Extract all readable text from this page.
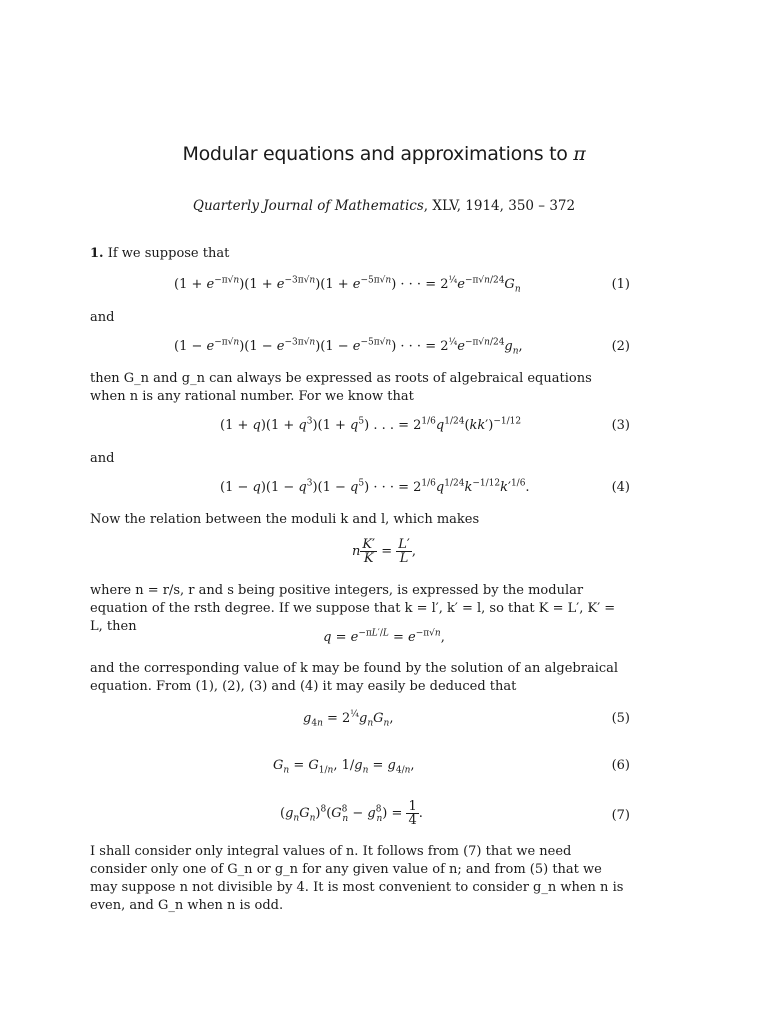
Modular equations and approximations to π
Quarterly Journal of Mathematics, XLV, 1914, 350 – 372
1. If we suppose that
$(1 + e^{-\pi√n})(1 + e^{-3\pi√n})(1 + e^{-5\pi√n})$ · · · = $2^{\frac{1}{4}}e^{-\pi√n/24}G_n$	(1)
and
$(1 - e^{-\pi√n})(1 - e^{-3\pi√n})(1 - e^{-5\pi√n})$ · · · = $2^{\frac{1}{4}}e^{-\pi√n/24}g_n$,	(2)
then G_n and g_n can always be expressed as roots of algebraical equations when n is any rational number. For we know that
$(1 + q)(1 + q^3)(1 + q^5)$ . . . = $2^{1/6}q^{1/24}(kk')^{-1/12}$	(3)
and
$(1 - q)(1 - q^3)(1 - q^5)$ · · · = $2^{1/6}q^{1/24}k^{-1/12}k'^{1/6}$.	(4)
Now the relation between the moduli k and l, which makes
n $\frac{K'}{K} = \frac{L'}{L}$ ,
where n = r/s, r and s being positive integers, is expressed by the modular equation of the rsth degree. If we suppose that k = l′, k′ = l, so that K = L′, K′ = L, then
$q = e^{-\pi L'/L} = e^{-\pi√n}$,
and the corresponding value of k may be found by the solution of an algebraical equation. From (1), (2), (3) and (4) it may easily be deduced that
$g_{4n} = 2^{\frac{1}{4}}g_nG_n$,	(5)
$G_n = G_{1/n}$, $1/g_n = g_{4/n}$,	(6)
$(g_nG_n)^8(G^8_n - g^8_n) = \frac{1}{4}$ .	(7)
I shall consider only integral values of n. It follows from (7) that we need consider only one of G_n or g_n for any given value of n; and from (5) that we may suppose n not divisible by 4. It is most convenient to consider g_n when n is even, and G_n when n is odd.
